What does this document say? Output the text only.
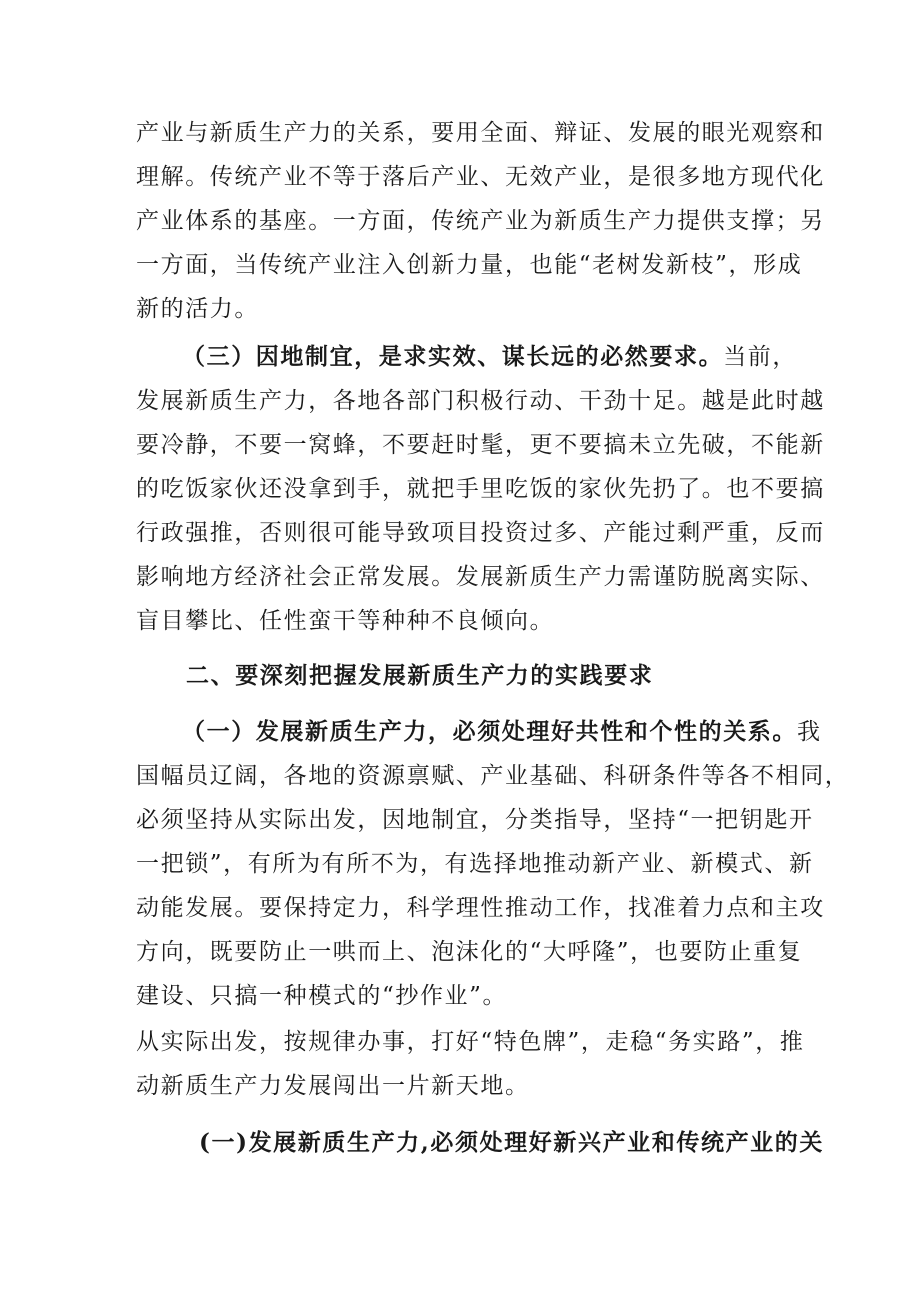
产业与新质生产力的关系，要用全面、辩证、发展的眼光观察和
理解。传统产业不等于落后产业、无效产业，是很多地方现代化
产业体系的基座。一方面，传统产业为新质生产力提供支撑；另
一方面，当传统产业注入创新力量，也能“老树发新枝”，形成
新的活力。
（三）因地制宜，是求实效、谋长远的必然要求。当前，
发展新质生产力，各地各部门积极行动、干劲十足。越是此时越
要冷静，不要一窝蜂，不要赶时髦，更不要搞未立先破，不能新
的吃饭家伙还没拿到手，就把手里吃饭的家伙先扔了。也不要搞
行政强推，否则很可能导致项目投资过多、产能过剩严重，反而
影响地方经济社会正常发展。发展新质生产力需谨防脱离实际、
盲目攀比、任性蛮干等种种不良倾向。
二、要深刻把握发展新质生产力的实践要求
（一）发展新质生产力，必须处理好共性和个性的关系。我
国幅员辽阔，各地的资源禀赋、产业基础、科研条件等各不相同，
必须坚持从实际出发，因地制宜，分类指导，坚持“一把钥匙开
一把锁”，有所为有所不为，有选择地推动新产业、新模式、新
动能发展。要保持定力，科学理性推动工作，找准着力点和主攻
方向，既要防止一哄而上、泡沫化的“大呼隆”，也要防止重复
建设、只搞一种模式的“抄作业”。
从实际出发，按规律办事，打好“特色牌”，走稳“务实路”，推
动新质生产力发展闯出一片新天地。
(一)发展新质生产力,必须处理好新兴产业和传统产业的关
